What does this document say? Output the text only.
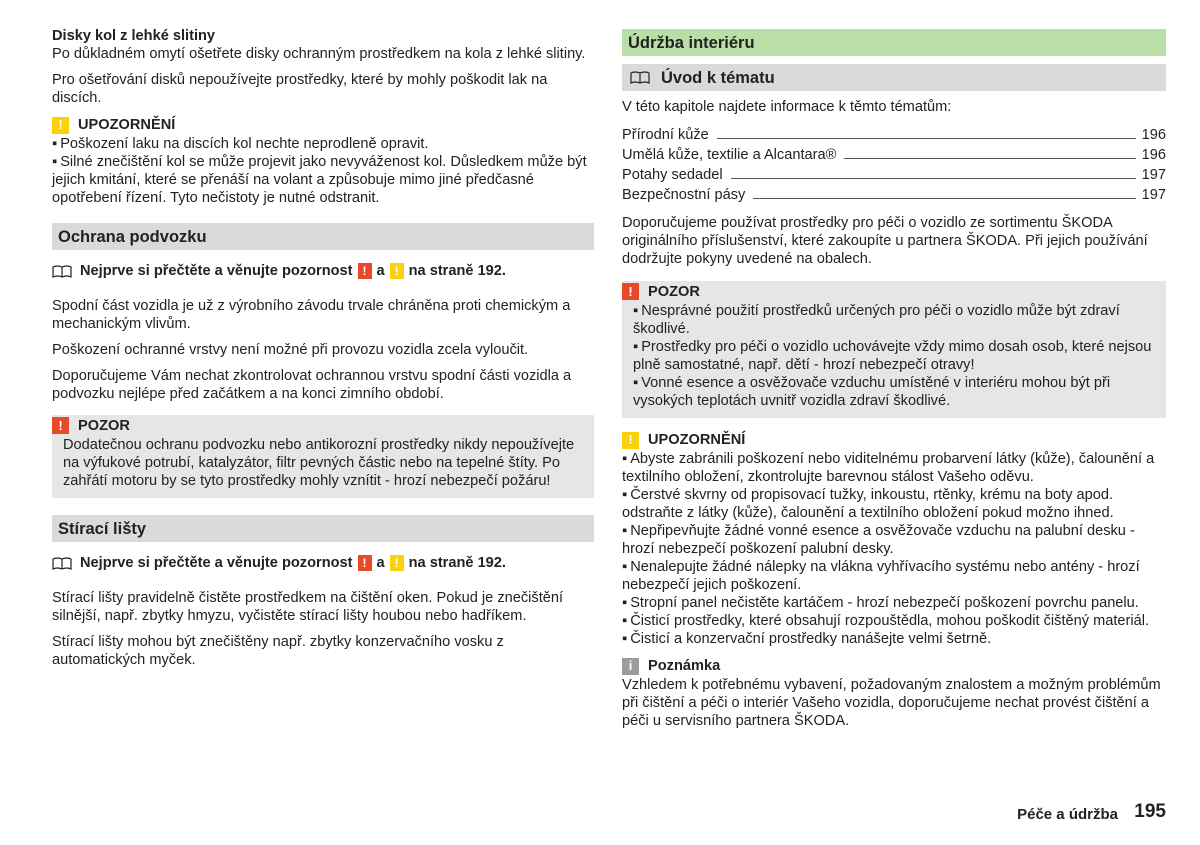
Disky kol z lehké slitiny

Po důkladném omytí ošetřete disky ochranným prostředkem na kola z lehké slitiny.

Pro ošetřování disků nepoužívejte prostředky, které by mohly poškodit lak na discích.

!	UPOZORNĚNÍ
▪ Poškození laku na discích kol nechte neprodleně opravit.
▪ Silné znečištění kol se může projevit jako nevyváženost kol. Důsledkem může být jejich kmitání, které se přenáší na volant a způsobuje mimo jiné předčasné opotřebení řízení. Tyto nečistoty je nutné odstranit.
Ochrana podvozku
Nejprve si přečtěte a věnujte pozornost ! a ! na straně 192.

Spodní část vozidla je už z výrobního závodu trvale chráněna proti chemickým a mechanickým vlivům.

Poškození ochranné vrstvy není možné při provozu vozidla zcela vyloučit.

Doporučujeme Vám nechat zkontrolovat ochrannou vrstvu spodní části vozidla a podvozku nejlépe před začátkem a na konci zimního období.

!	POZOR

Dodatečnou ochranu podvozku nebo antikorozní prostředky nikdy nepoužívejte na výfukové potrubí, katalyzátor, filtr pevných částic nebo na tepelné štíty. Po zahřátí motoru by se tyto prostředky mohly vznítit - hrozí nebezpečí požáru!

Stírací lišty
Nejprve si přečtěte a věnujte pozornost ! a ! na straně 192.

Stírací lišty pravidelně čistěte prostředkem na čištění oken. Pokud je znečištění silnější, např. zbytky hmyzu, vyčistěte stírací lišty houbou nebo hadříkem.

Stírací lišty mohou být znečištěny např. zbytky konzervačního vosku z automatických myček.

Údržba interiéru
Úvod k tématu

V této kapitole najdete informace k těmto tématům:

Přírodní kůže	196
Umělá kůže, textilie a Alcantara®	196
Potahy sedadel	197
Bezpečnostní pásy	197

Doporučujeme používat prostředky pro péči o vozidlo ze sortimentu ŠKODA originálního příslušenství, které zakoupíte u partnera ŠKODA. Při jejich používání dodržujte pokyny uvedené na obalech.

!	POZOR
▪ Nesprávné použití prostředků určených pro péči o vozidlo může být zdraví škodlivé.
▪ Prostředky pro péči o vozidlo uchovávejte vždy mimo dosah osob, které nejsou plně samostatné, např. dětí - hrozí nebezpečí otravy!
▪ Vonné esence a osvěžovače vzduchu umístěné v interiéru mohou být při vysokých teplotách uvnitř vozidla zdraví škodlivé.
!	UPOZORNĚNÍ
▪ Abyste zabránili poškození nebo viditelnému probarvení látky (kůže), čalounění a textilního obložení, zkontrolujte barevnou stálost Vašeho oděvu.
▪ Čerstvé skvrny od propisovací tužky, inkoustu, rtěnky, krému na boty apod. odstraňte z látky (kůže), čalounění a textilního obložení pokud možno ihned.
▪ Nepřipevňujte žádné vonné esence a osvěžovače vzduchu na palubní desku - hrozí nebezpečí poškození palubní desky.
▪ Nenalepujte žádné nálepky na vlákna vyhřívacího systému nebo antény - hrozí nebezpečí jejich poškození.
▪ Stropní panel nečistěte kartáčem - hrozí nebezpečí poškození povrchu panelu.
▪ Čisticí prostředky, které obsahují rozpouštědla, mohou poškodit čištěný materiál.
▪ Čisticí a konzervační prostředky nanášejte velmi šetrně.
i	Poznámka

Vzhledem k potřebnému vybavení, požadovaným znalostem a možným problémům při čištění a péči o interiér Vašeho vozidla, doporučujeme nechat provést čištění a péči u servisního partnera ŠKODA.

Péče a údržba 195
